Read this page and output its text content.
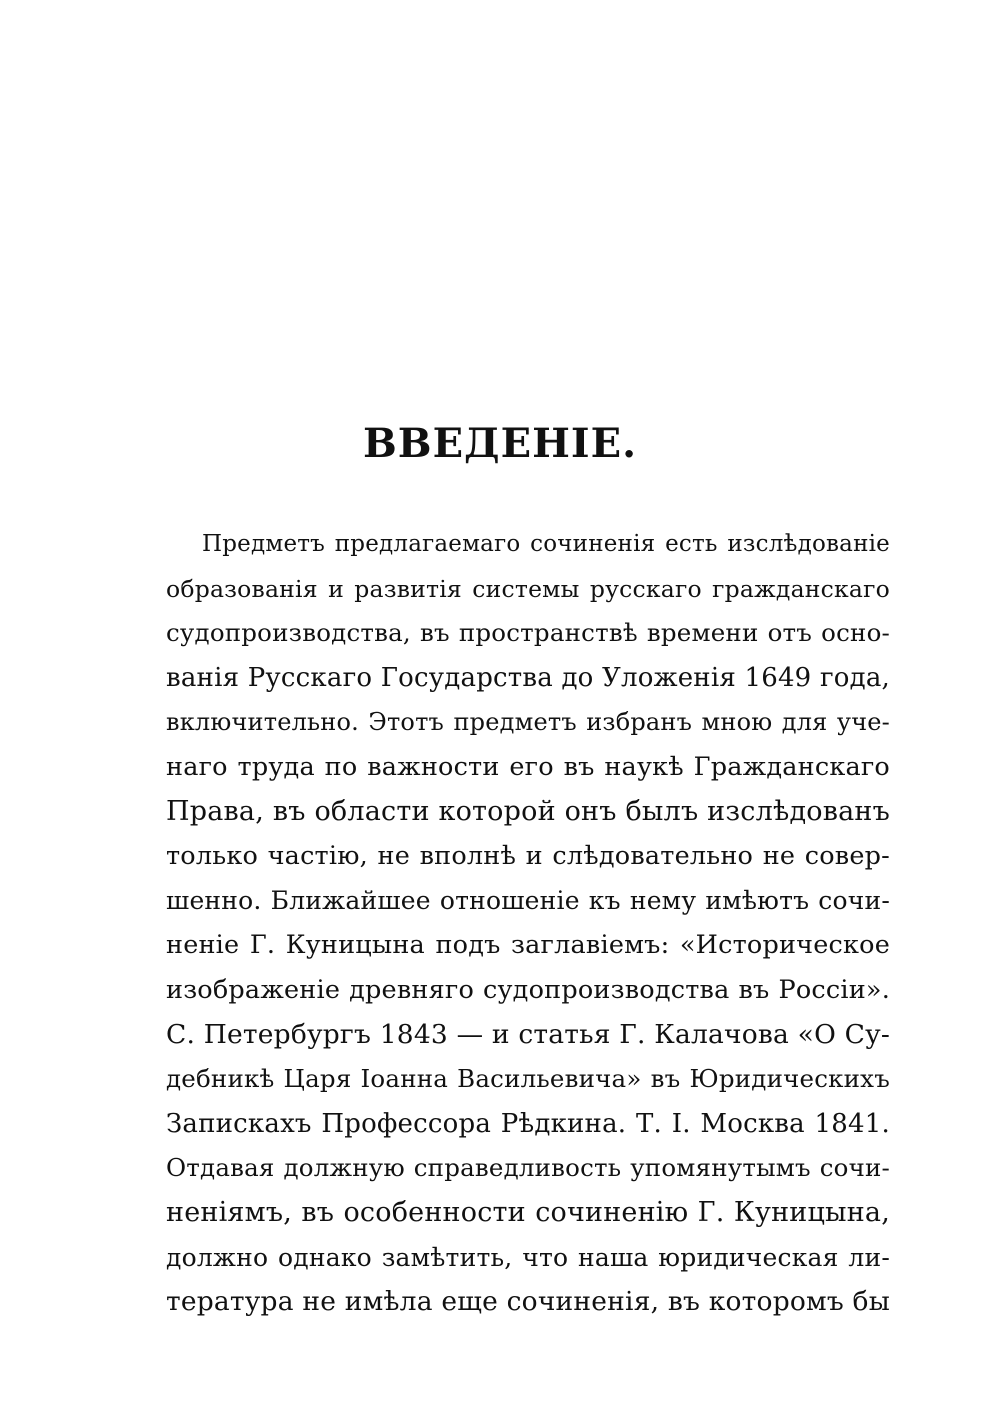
ВВЕДЕНІЕ.
Предметъ предлагаемаго сочиненія есть изслѣдованіе
образованія и развитія системы русскаго гражданскаго
судопроизводства, въ пространствѣ времени отъ осно-
ванія Русскаго Государства до Уложенія 1649 года,
включительно. Этотъ предметъ избранъ мною для уче-
наго труда по важности его въ наукѣ Гражданскаго
Права, въ области которой онъ былъ изслѣдованъ
только частію, не вполнѣ и слѣдовательно не совер-
шенно. Ближайшее отношеніе къ нему имѣютъ сочи-
неніе Г. Куницына подъ заглавіемъ: «Историческое
изображеніе древняго судопроизводства въ Россіи».
С. Петербургъ 1843 — и статья Г. Калачова «О Су-
дебникѣ Царя Іоанна Васильевича» въ Юридическихъ
Запискахъ Профессора Рѣдкина. Т. I. Москва 1841.
Отдавая должную справедливость упомянутымъ сочи-
неніямъ, въ особенности сочиненію Г. Куницына,
должно однако замѣтить, что наша юридическая ли-
тература не имѣла еще сочиненія, въ которомъ бы
